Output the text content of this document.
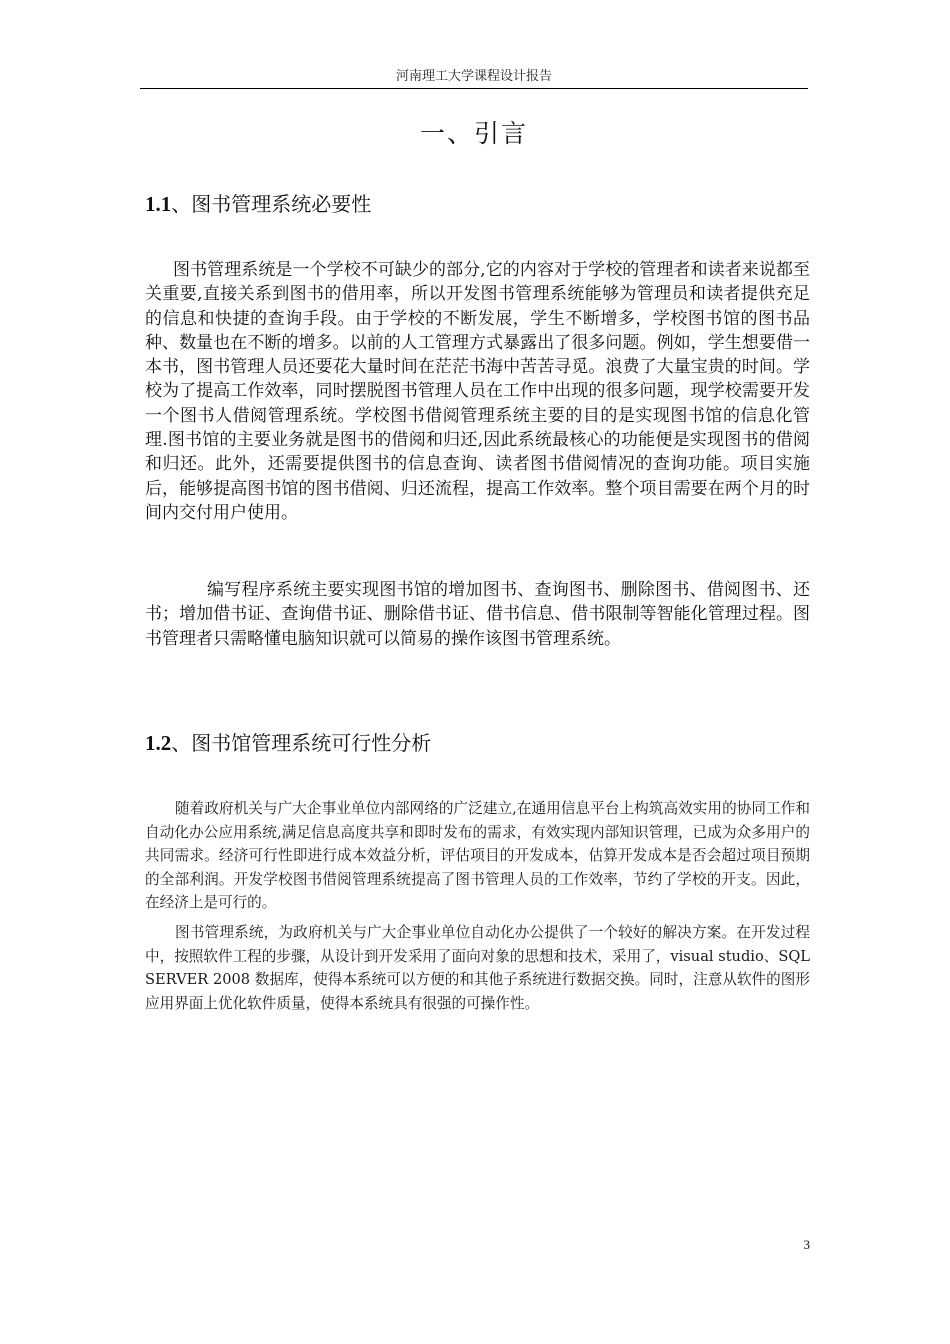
河南理工大学课程设计报告
一、引言
1.1、图书管理系统必要性

图书管理系统是一个学校不可缺少的部分,它的内容对于学校的管理者和读者来说都至关重要,直接关系到图书的借用率，所以开发图书管理系统能够为管理员和读者提供充足的信息和快捷的查询手段。由于学校的不断发展，学生不断增多，学校图书馆的图书品种、数量也在不断的增多。以前的人工管理方式暴露出了很多问题。例如，学生想要借一本书，图书管理人员还要花大量时间在茫茫书海中苦苦寻觅。浪费了大量宝贵的时间。学校为了提高工作效率，同时摆脱图书管理人员在工作中出现的很多问题，现学校需要开发一个图书人借阅管理系统。学校图书借阅管理系统主要的目的是实现图书馆的信息化管理.图书馆的主要业务就是图书的借阅和归还,因此系统最核心的功能便是实现图书的借阅和归还。此外，还需要提供图书的信息查询、读者图书借阅情况的查询功能。项目实施后，能够提高图书馆的图书借阅、归还流程，提高工作效率。整个项目需要在两个月的时间内交付用户使用。

编写程序系统主要实现图书馆的增加图书、查询图书、删除图书、借阅图书、还书；增加借书证、查询借书证、删除借书证、借书信息、借书限制等智能化管理过程。图书管理者只需略懂电脑知识就可以简易的操作该图书管理系统。

1.2、图书馆管理系统可行性分析

随着政府机关与广大企事业单位内部网络的广泛建立,在通用信息平台上构筑高效实用的协同工作和自动化办公应用系统,满足信息高度共享和即时发布的需求，有效实现内部知识管理，已成为众多用户的共同需求。经济可行性即进行成本效益分析，评估项目的开发成本，估算开发成本是否会超过项目预期的全部利润。开发学校图书借阅管理系统提高了图书管理人员的工作效率，节约了学校的开支。因此，在经济上是可行的。

图书管理系统，为政府机关与广大企事业单位自动化办公提供了一个较好的解决方案。在开发过程中，按照软件工程的步骤，从设计到开发采用了面向对象的思想和技术，采用了，visual studio、SQL SERVER 2008 数据库，使得本系统可以方便的和其他子系统进行数据交换。同时，注意从软件的图形应用界面上优化软件质量，使得本系统具有很强的可操作性。

3
